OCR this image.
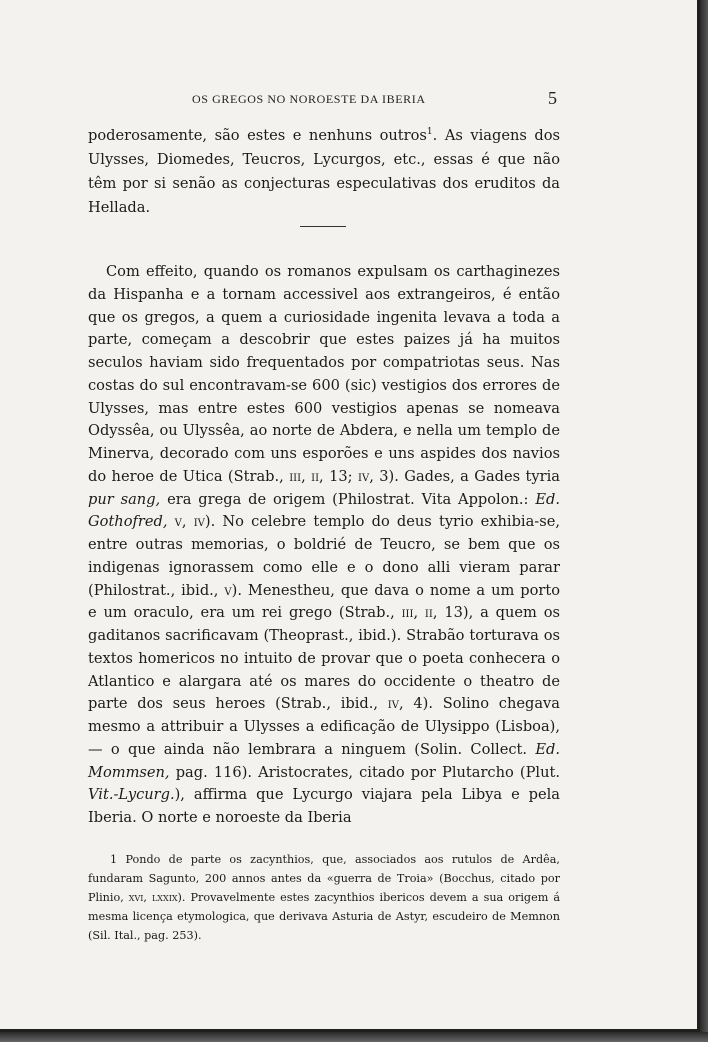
OS GREGOS NO NOROESTE DA IBERIA	5
poderosamente, são estes e nenhuns outros$^1$. As viagens dos Ulysses, Diomedes, Teucros, Lycurgos, etc., essas é que não têm por si senão as conjecturas especulativas dos eruditos da Hellada.
Com effeito, quando os romanos expulsam os carthaginezes da Hispanha e a tornam accessivel aos extrangeiros, é então que os gregos, a quem a curiosidade ingenita levava a toda a parte, começam a descobrir que estes paizes já ha muitos seculos haviam sido frequentados por compatriotas seus. Nas costas do sul encontravam-se 600 (sic) vestigios dos errores de Ulysses, mas entre estes 600 vestigios apenas se nomeava Odyssêa, ou Ulyssêa, ao norte de Abdera, e nella um templo de Minerva, decorado com uns esporões e uns aspides dos navios do heroe de Utica (Strab., iii, ii, 13; iv, 3). Gades, a Gades tyria pur sang, era grega de origem (Philostrat. Vita Appolon.: Ed. Gothofred, v, iv). No celebre templo do deus tyrio exhibia-se, entre outras memorias, o boldrié de Teucro, se bem que os indigenas ignorassem como elle e o dono alli vieram parar (Philostrat., ibid., v). Menestheu, que dava o nome a um porto e um oraculo, era um rei grego (Strab., iii, ii, 13), a quem os gaditanos sacrificavam (Theoprast., ibid.). Strabão torturava os textos homericos no intuito de provar que o poeta conhecera o Atlantico e alargara até os mares do occidente o theatro de parte dos seus heroes (Strab., ibid., iv, 4). Solino chegava mesmo a attribuir a Ulysses a edificação de Ulysippo (Lisboa),— o que ainda não lembrara a ninguem (Solin. Collect. Ed. Mommsen, pag. 116). Aristocrates, citado por Plutarcho (Plut. Vit.-Lycurg.), affirma que Lycurgo viajara pela Libya e pela Iberia. O norte e noroeste da Iberia
1 Pondo de parte os zacynthios, que, associados aos rutulos de Ardêa, fundaram Sagunto, 200 annos antes da «guerra de Troia» (Bocchus, citado por Plinio, xvi, lxxix). Provavelmente estes zacynthios ibericos devem a sua origem á mesma licença etymologica, que derivava Asturia de Astyr, escudeiro de Memnon (Sil. Ital., pag. 253).
